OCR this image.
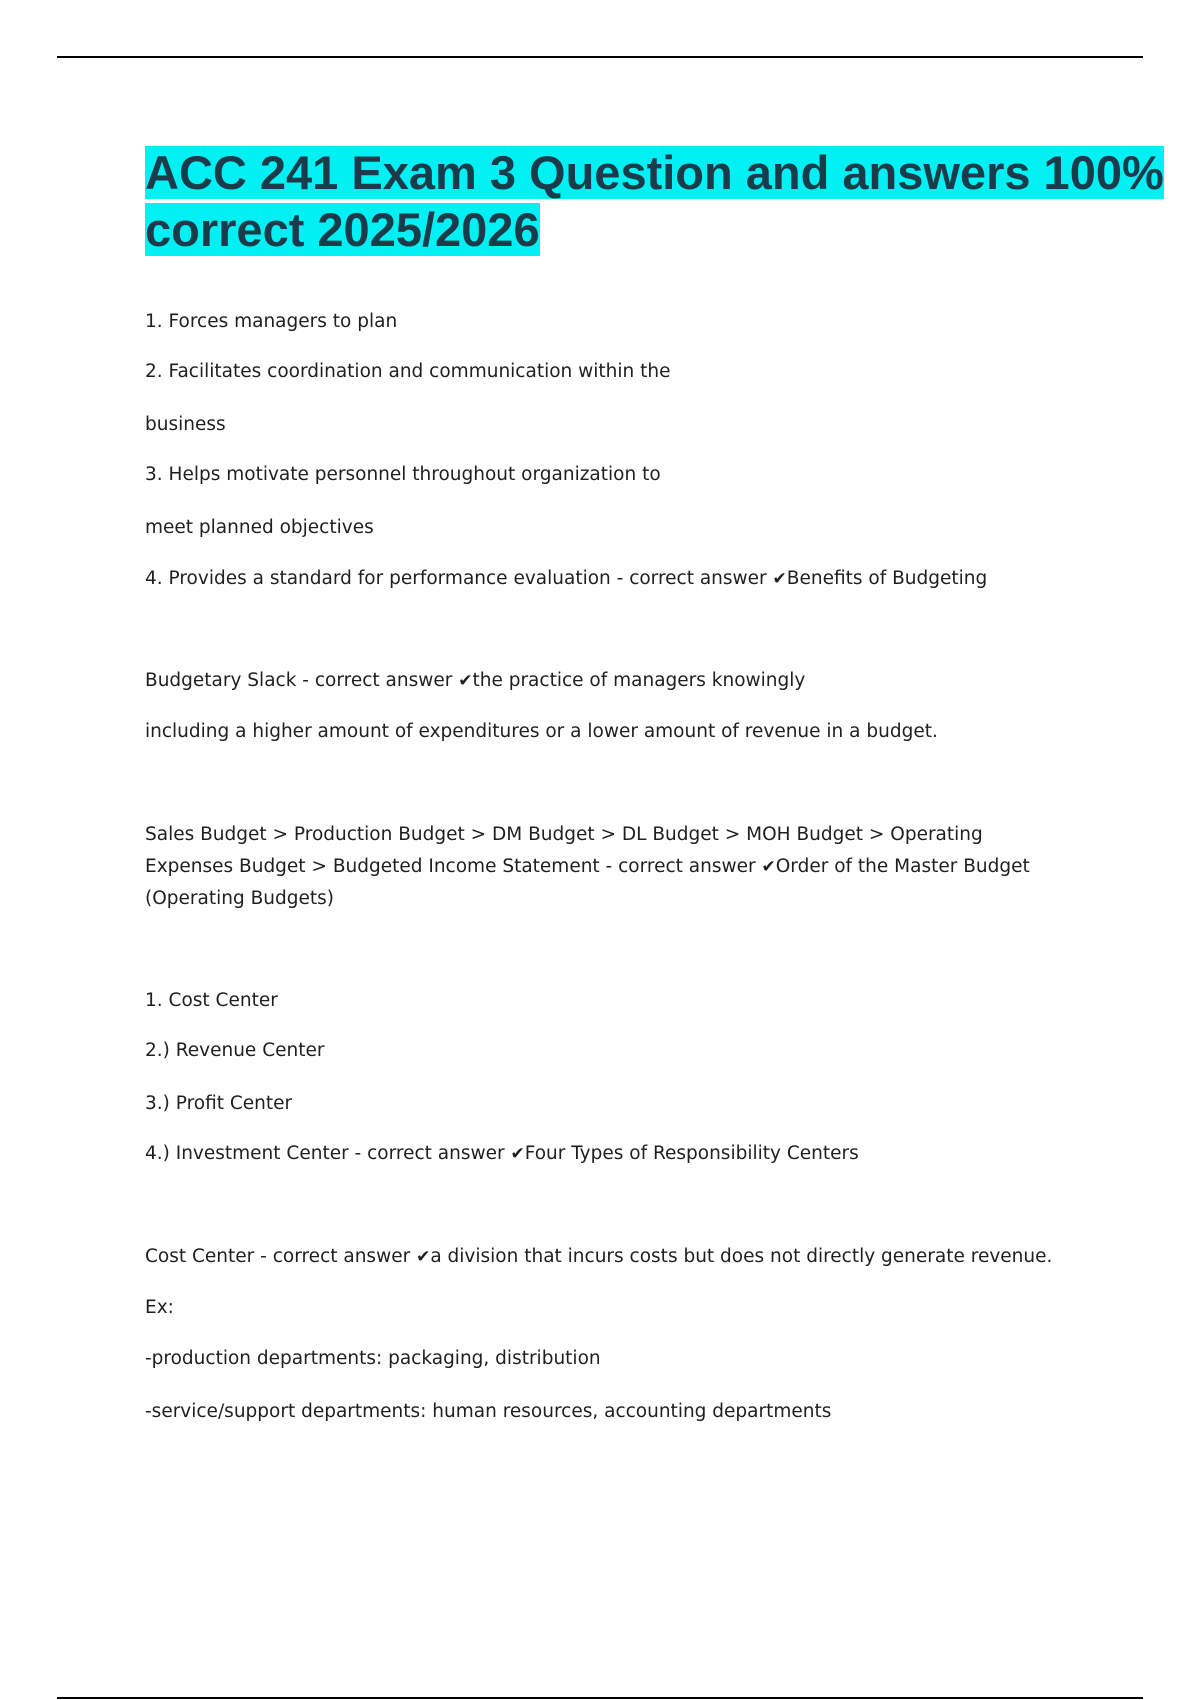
ACC 241 Exam 3 Question and answers 100% correct 2025/2026

1. Forces managers to plan

2. Facilitates coordination and communication within the

business

3. Helps motivate personnel throughout organization to

meet planned objectives

4. Provides a standard for performance evaluation - correct answer ✔Benefits of Budgeting

Budgetary Slack - correct answer ✔the practice of managers knowingly

including a higher amount of expenditures or a lower amount of revenue in a budget.

Sales Budget > Production Budget > DM Budget > DL Budget > MOH Budget > Operating Expenses Budget > Budgeted Income Statement - correct answer ✔Order of the Master Budget (Operating Budgets)

1. Cost Center

2.) Revenue Center

3.) Profit Center

4.) Investment Center - correct answer ✔Four Types of Responsibility Centers

Cost Center - correct answer ✔a division that incurs costs but does not directly generate revenue.

Ex:

-production departments: packaging, distribution

-service/support departments: human resources, accounting departments
